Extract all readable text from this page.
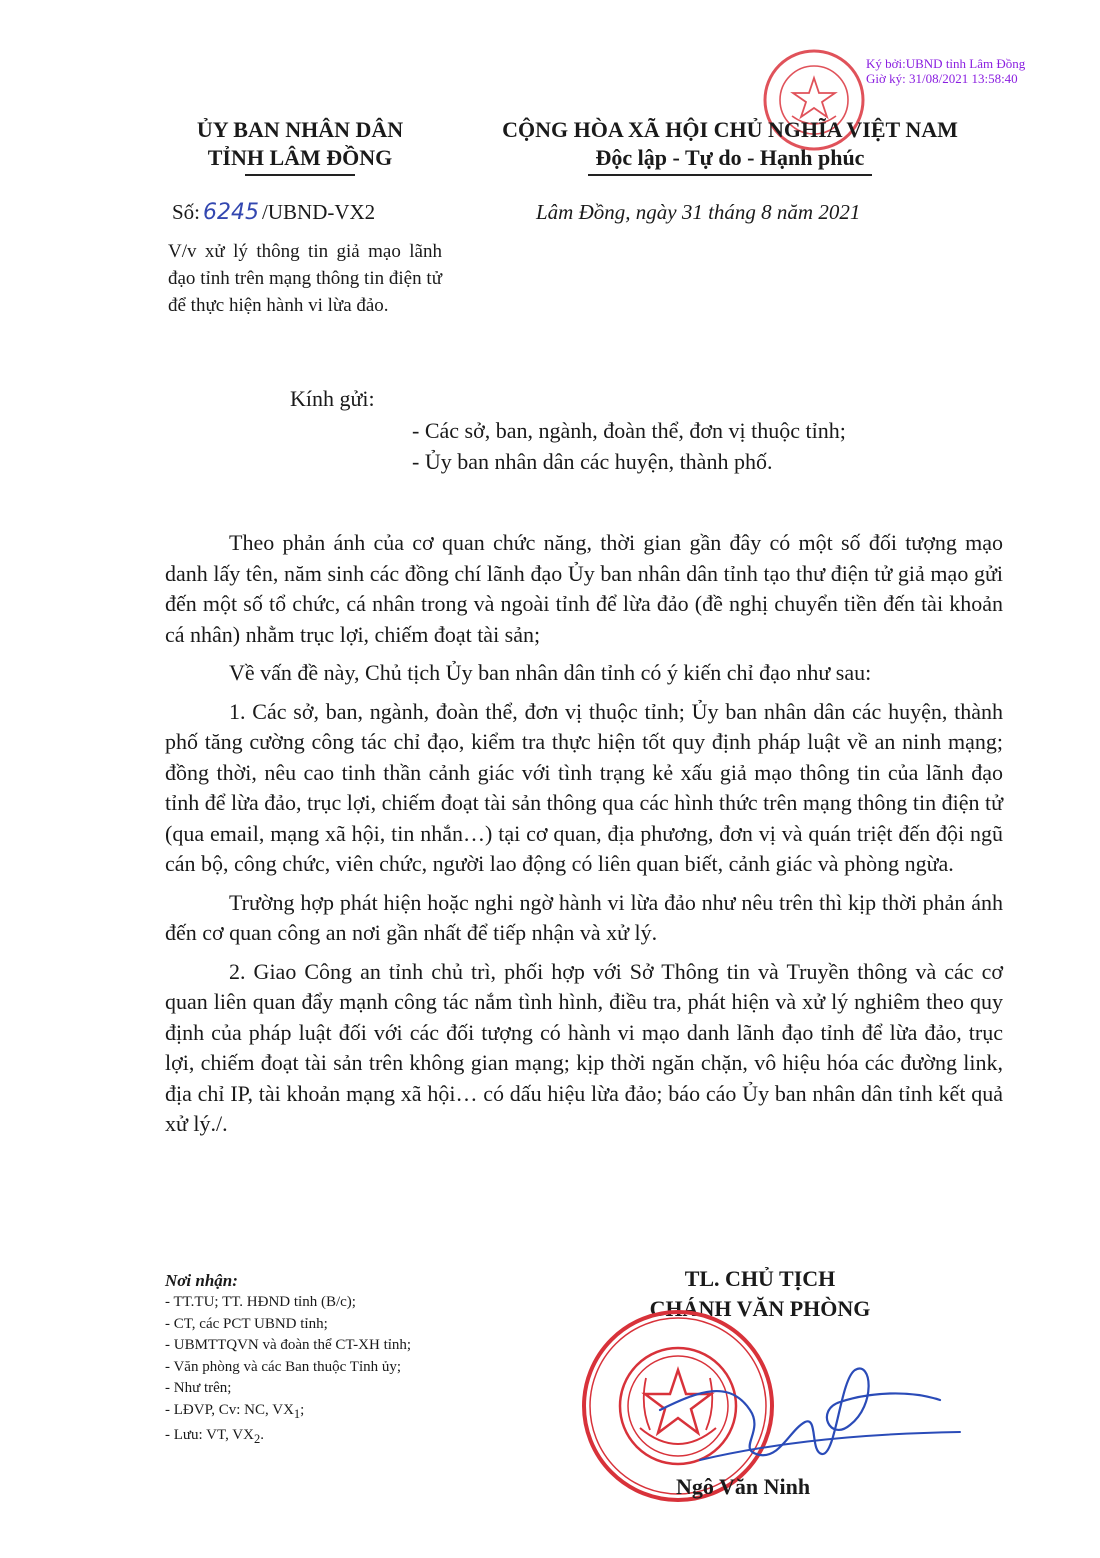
Ký bởi:UBND tỉnh Lâm Đồng
Giờ ký: 31/08/2021 13:58:40
ỦY BAN NHÂN DÂN
TỈNH LÂM ĐỒNG
Số: 6245 /UBND-VX2
V/v xử lý thông tin giả mạo lãnh đạo tỉnh trên mạng thông tin điện tử để thực hiện hành vi lừa đảo.
CỘNG HÒA XÃ HỘI CHỦ NGHĨA VIỆT NAM
Độc lập - Tự do - Hạnh phúc
Lâm Đồng, ngày 31 tháng 8 năm 2021
Kính gửi:
- Các sở, ban, ngành, đoàn thể, đơn vị thuộc tỉnh;
- Ủy ban nhân dân các huyện, thành phố.

Theo phản ánh của cơ quan chức năng, thời gian gần đây có một số đối tượng mạo danh lấy tên, năm sinh các đồng chí lãnh đạo Ủy ban nhân dân tỉnh tạo thư điện tử giả mạo gửi đến một số tổ chức, cá nhân trong và ngoài tỉnh để lừa đảo (đề nghị chuyển tiền đến tài khoản cá nhân) nhằm trục lợi, chiếm đoạt tài sản;

Về vấn đề này, Chủ tịch Ủy ban nhân dân tỉnh có ý kiến chỉ đạo như sau:

1. Các sở, ban, ngành, đoàn thể, đơn vị thuộc tỉnh; Ủy ban nhân dân các huyện, thành phố tăng cường công tác chỉ đạo, kiểm tra thực hiện tốt quy định pháp luật về an ninh mạng; đồng thời, nêu cao tinh thần cảnh giác với tình trạng kẻ xấu giả mạo thông tin của lãnh đạo tỉnh để lừa đảo, trục lợi, chiếm đoạt tài sản thông qua các hình thức trên mạng thông tin điện tử (qua email, mạng xã hội, tin nhắn…) tại cơ quan, địa phương, đơn vị và quán triệt đến đội ngũ cán bộ, công chức, viên chức, người lao động có liên quan biết, cảnh giác và phòng ngừa.

Trường hợp phát hiện hoặc nghi ngờ hành vi lừa đảo như nêu trên thì kịp thời phản ánh đến cơ quan công an nơi gần nhất để tiếp nhận và xử lý.

2. Giao Công an tỉnh chủ trì, phối hợp với Sở Thông tin và Truyền thông và các cơ quan liên quan đẩy mạnh công tác nắm tình hình, điều tra, phát hiện và xử lý nghiêm theo quy định của pháp luật đối với các đối tượng có hành vi mạo danh lãnh đạo tỉnh để lừa đảo, trục lợi, chiếm đoạt tài sản trên không gian mạng; kịp thời ngăn chặn, vô hiệu hóa các đường link, địa chỉ IP, tài khoản mạng xã hội… có dấu hiệu lừa đảo; báo cáo Ủy ban nhân dân tỉnh kết quả xử lý./.

Nơi nhận:
- TT.TU; TT. HĐND tỉnh (B/c);
- CT, các PCT UBND tỉnh;
- UBMTTQVN và đoàn thể CT-XH tỉnh;
- Văn phòng và các Ban thuộc Tỉnh ủy;
- Như trên;
- LĐVP, Cv: NC, $VX_1$;
- Lưu: VT, $VX_2$.
TL. CHỦ TỊCH
CHÁNH VĂN PHÒNG
Ngô Văn Ninh
